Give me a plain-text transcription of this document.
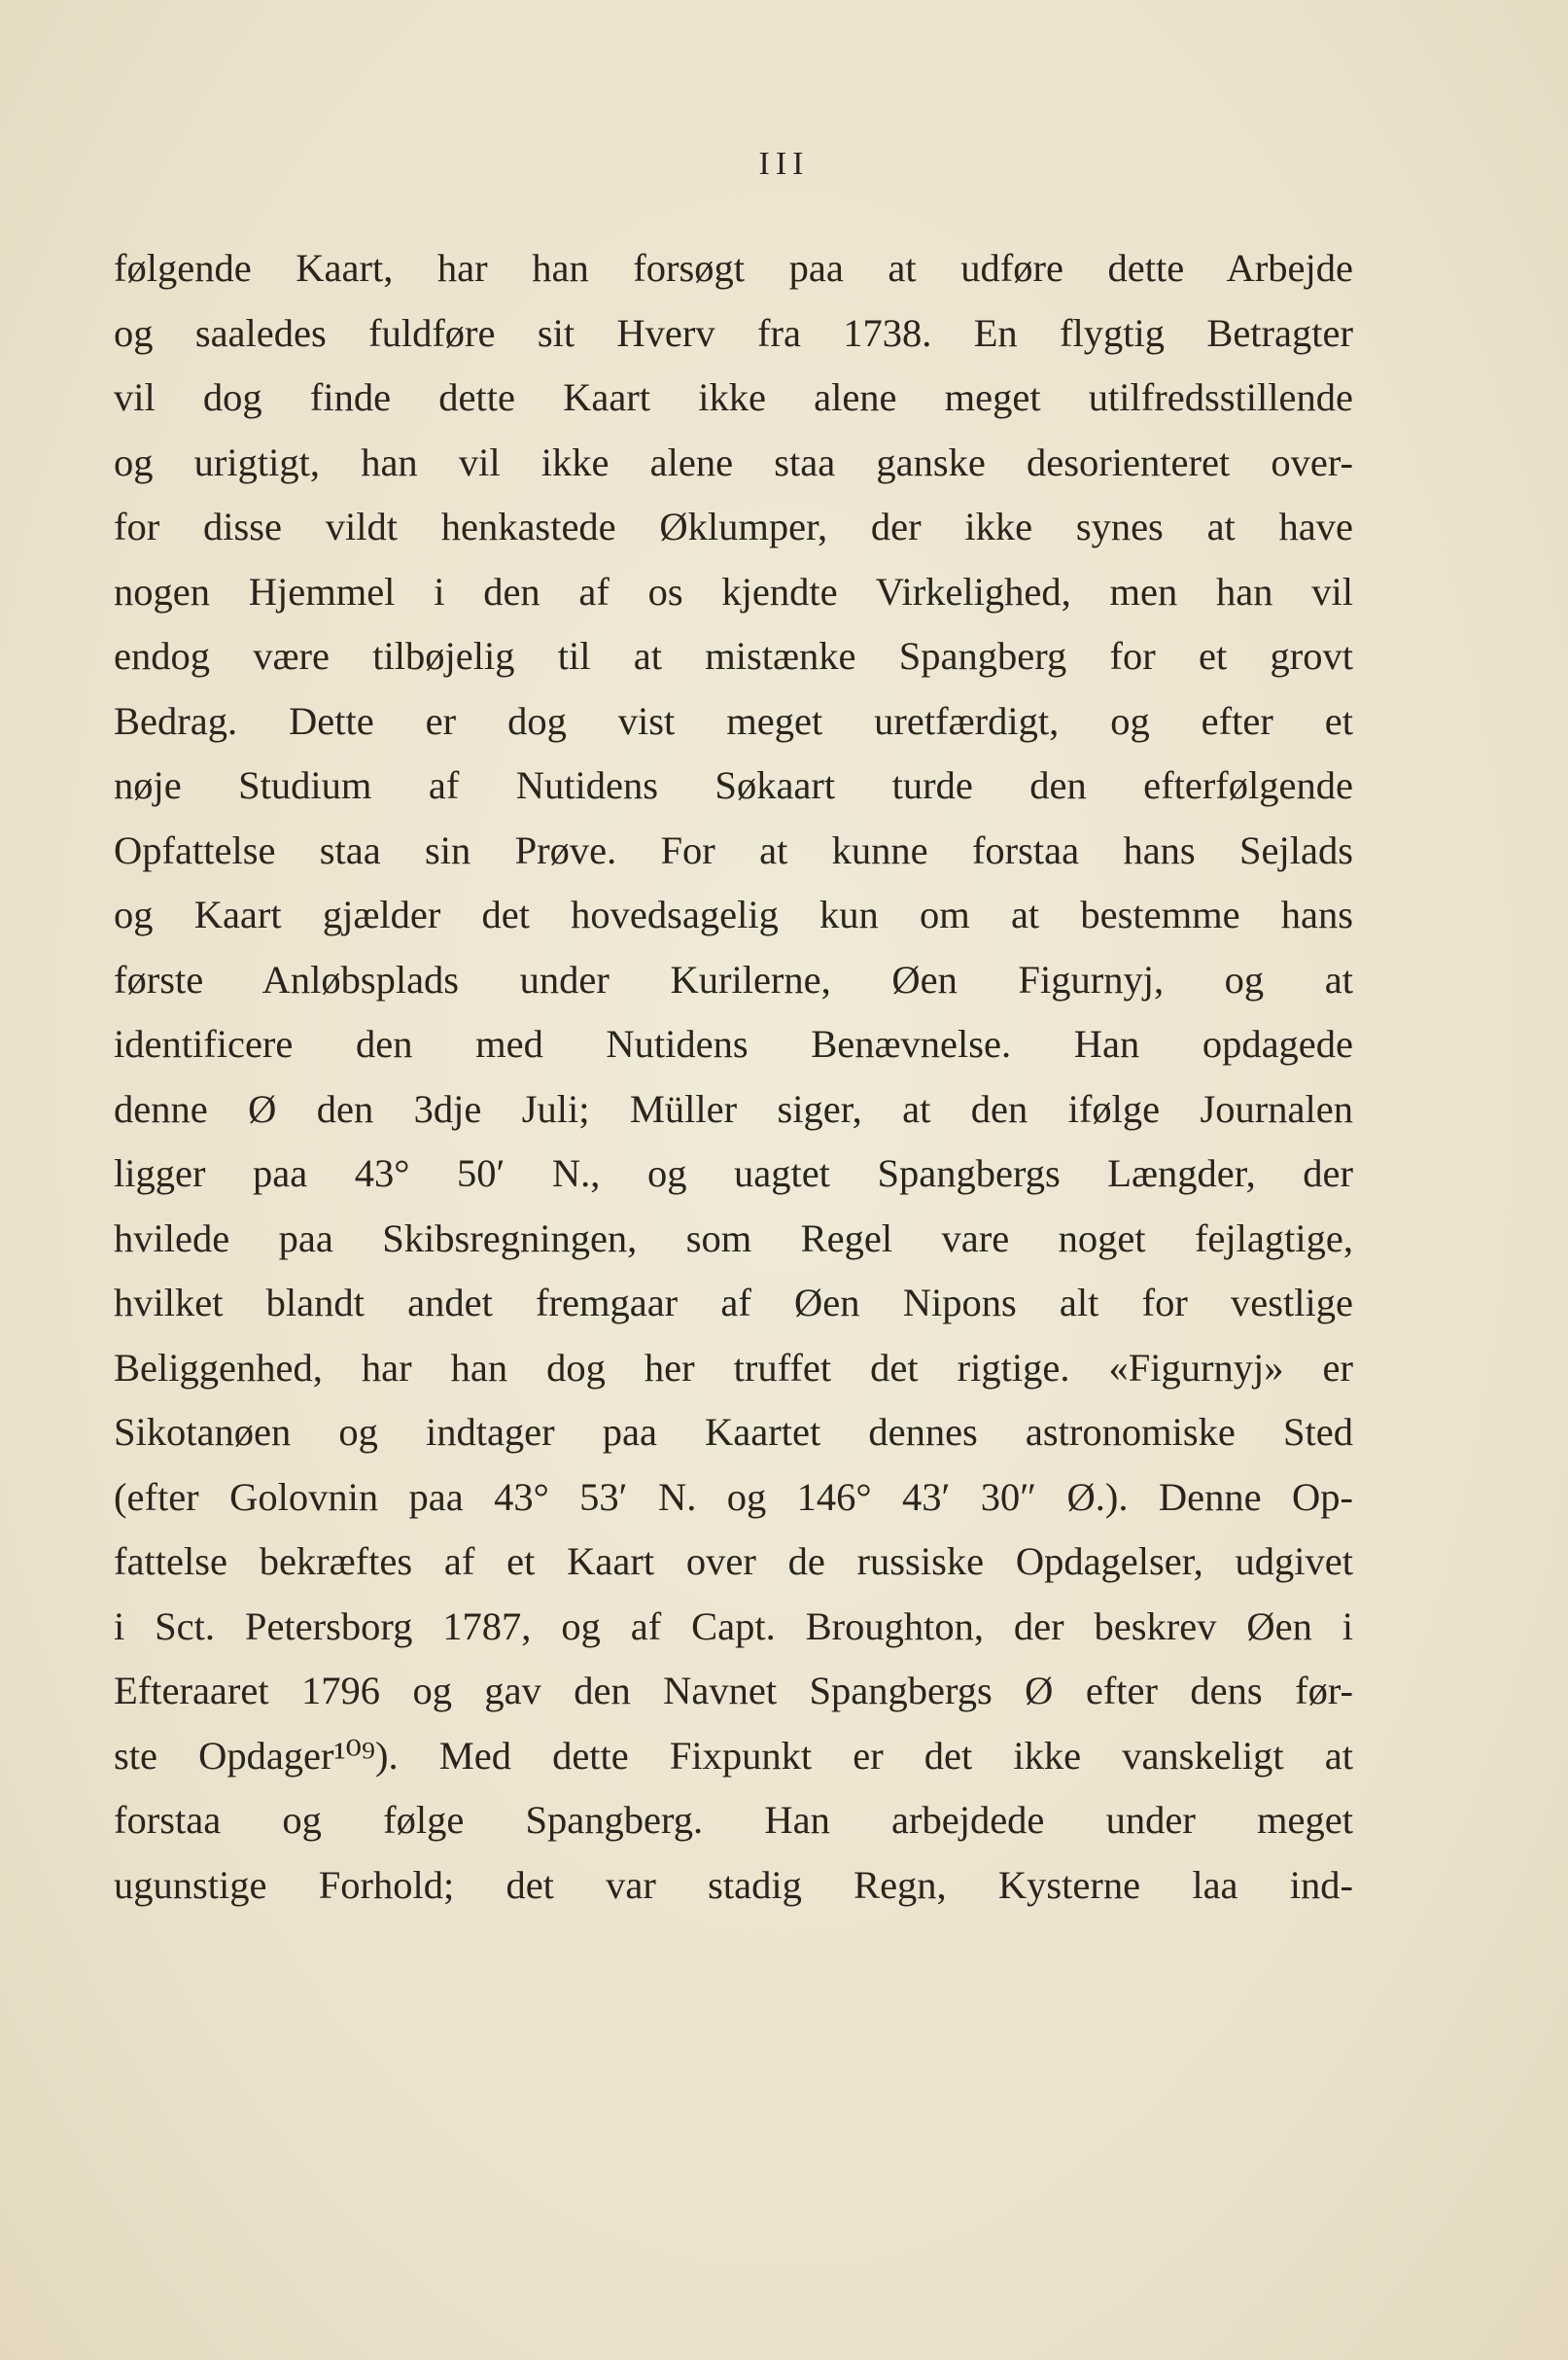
III
følgende Kaart, har han forsøgt paa at udføre dette Arbejde
og saaledes fuldføre sit Hverv fra 1738. En flygtig Betragter
vil dog finde dette Kaart ikke alene meget utilfredsstillende
og urigtigt, han vil ikke alene staa ganske desorienteret over-
for disse vildt henkastede Øklumper, der ikke synes at have
nogen Hjemmel i den af os kjendte Virkelighed, men han vil
endog være tilbøjelig til at mistænke Spangberg for et grovt
Bedrag. Dette er dog vist meget uretfærdigt, og efter et
nøje Studium af Nutidens Søkaart turde den efterfølgende
Opfattelse staa sin Prøve. For at kunne forstaa hans Sejlads
og Kaart gjælder det hovedsagelig kun om at bestemme hans
første Anløbsplads under Kurilerne, Øen Figurnyj, og at
identificere den med Nutidens Benævnelse. Han opdagede
denne Ø den 3dje Juli; Müller siger, at den ifølge Journalen
ligger paa 43° 50′ N., og uagtet Spangbergs Længder, der
hvilede paa Skibsregningen, som Regel vare noget fejlagtige,
hvilket blandt andet fremgaar af Øen Nipons alt for vestlige
Beliggenhed, har han dog her truffet det rigtige. «Figurnyj» er
Sikotanøen og indtager paa Kaartet dennes astronomiske Sted
(efter Golovnin paa 43° 53′ N. og 146° 43′ 30″ Ø.). Denne Op-
fattelse bekræftes af et Kaart over de russiske Opdagelser, udgivet
i Sct. Petersborg 1787, og af Capt. Broughton, der beskrev Øen i
Efteraaret 1796 og gav den Navnet Spangbergs Ø efter dens før-
ste Opdager¹⁰⁹). Med dette Fixpunkt er det ikke vanskeligt at
forstaa og følge Spangberg. Han arbejdede under meget
ugunstige Forhold; det var stadig Regn, Kysterne laa ind-
